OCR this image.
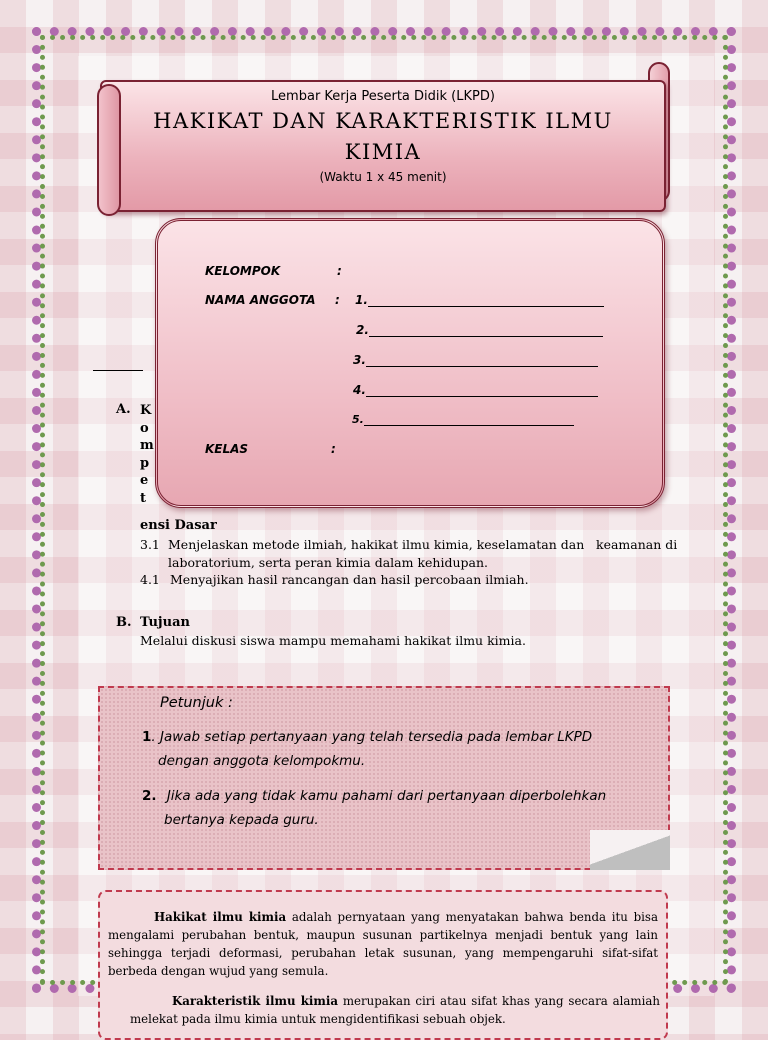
Lembar Kerja Peserta Didik (LKPD)
HAKIKAT DAN KARAKTERISTIK ILMU
KIMIA
(Waktu 1 x 45 menit)
KELOMPOK	:
NAMA ANGGOTA : 1.
2.
3.
4.
5.
KELAS	:
A. K
o
m
p
e
t
ensi Dasar
3.1 Menjelaskan metode ilmiah, hakikat ilmu kimia, keselamatan dan keamanan di
laboratorium, serta peran kimia dalam kehidupan.
4.1 Menyajikan hasil rancangan dan hasil percobaan ilmiah.
B. Tujuan
Melalui diskusi siswa mampu memahami hakikat ilmu kimia.
Petunjuk :
1. Jawab setiap pertanyaan yang telah tersedia pada lembar LKPD
dengan anggota kelompokmu.
2. Jika ada yang tidak kamu pahami dari pertanyaan diperbolehkan
bertanya kepada guru.

Hakikat ilmu kimia adalah pernyataan yang menyatakan bahwa benda itu bisa mengalami perubahan bentuk, maupun susunan partikelnya menjadi bentuk yang lain sehingga terjadi deformasi, perubahan letak susunan, yang mempengaruhi sifat-sifat berbeda dengan wujud yang semula.

Karakteristik ilmu kimia merupakan ciri atau sifat khas yang secara alamiah melekat pada ilmu kimia untuk mengidentifikasi sebuah objek.
